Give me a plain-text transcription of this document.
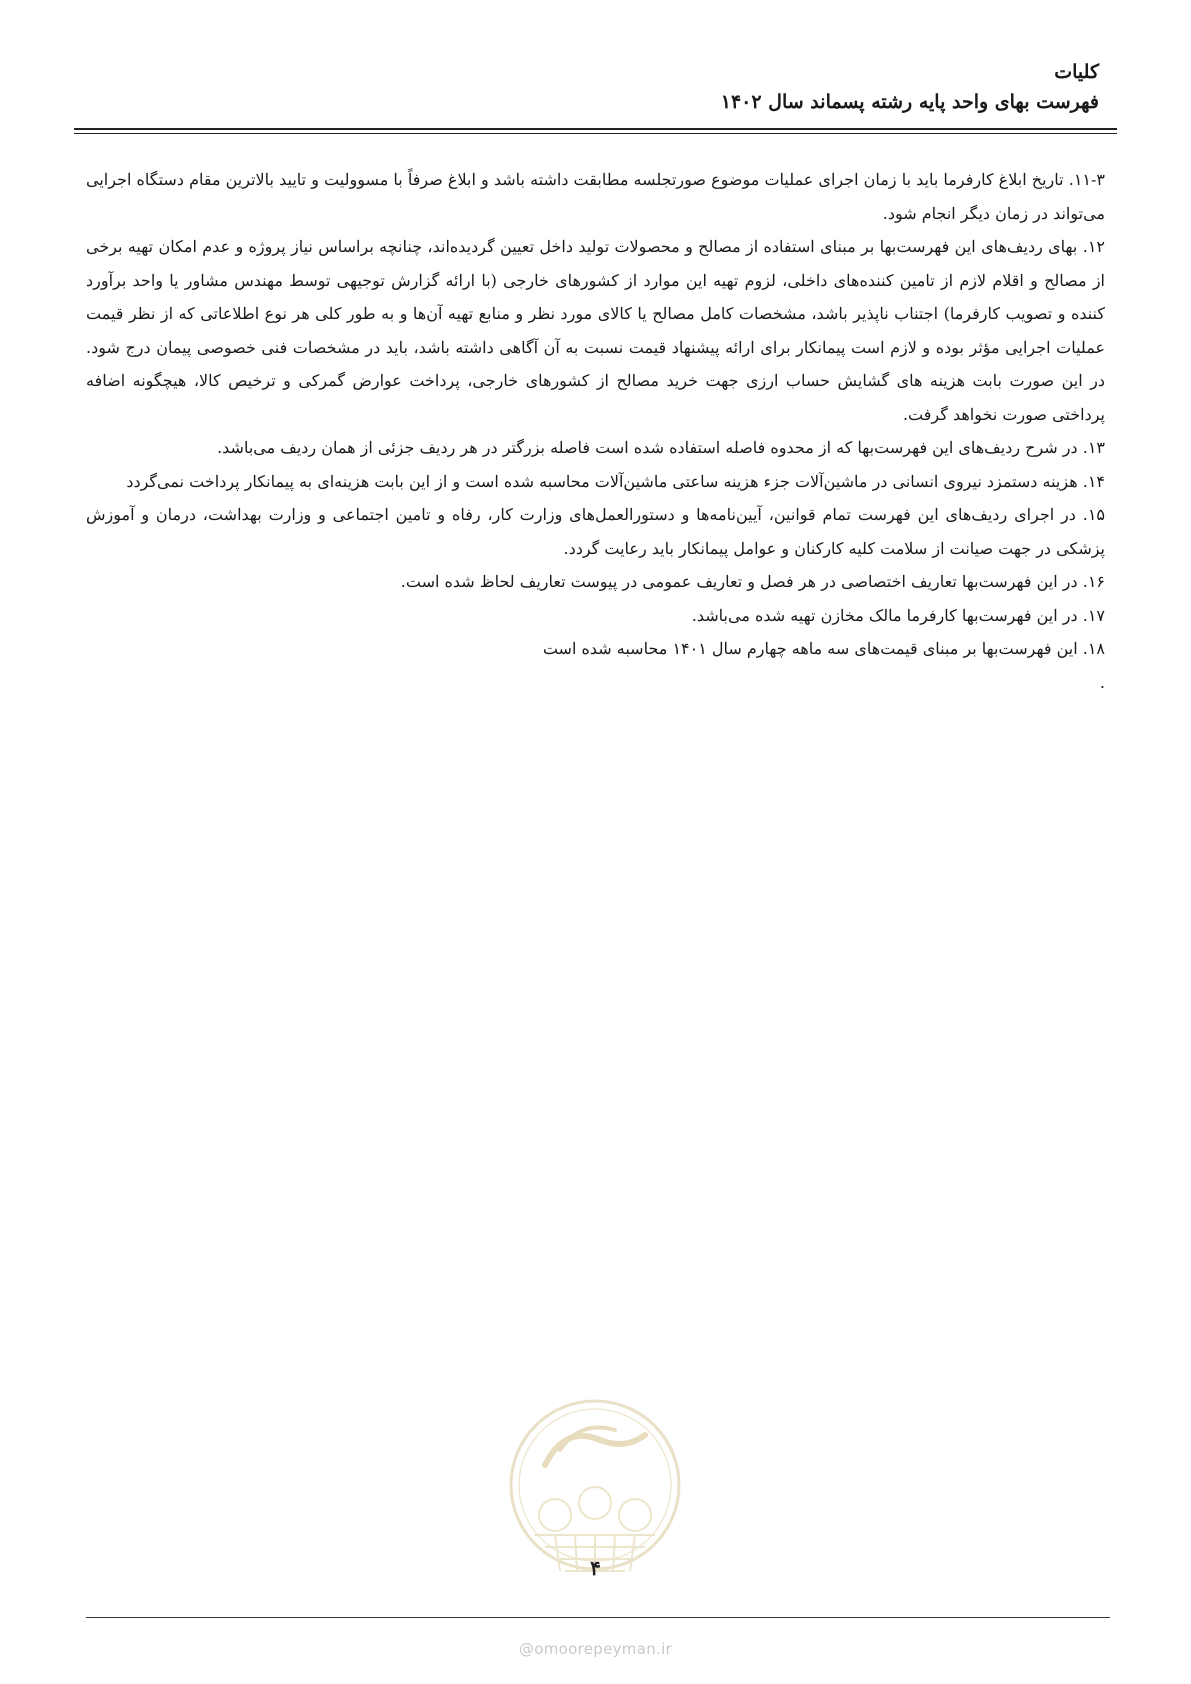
کلیات
فهرست بهای واحد پایه رشته پسماند سال ۱۴۰۲

۱۱-۳. تاریخ ابلاغ کارفرما باید با زمان اجرای عملیات موضوع صورتجلسه مطابقت داشته باشد و ابلاغ صرفاً با مسوولیت و تایید بالاترین مقام دستگاه اجرایی می‌تواند در زمان دیگر انجام شود.

۱۲. بهای ردیف‌های این فهرست‌بها بر مبنای استفاده از مصالح و محصولات تولید داخل تعیین گردیده‌اند، چنانچه براساس نیاز پروژه و عدم امکان تهیه برخی از مصالح و اقلام لازم از تامین کننده‌های داخلی، لزوم تهیه این موارد از کشورهای خارجی (با ارائه گزارش توجیهی توسط مهندس مشاور یا واحد برآورد کننده و تصویب کارفرما) اجتناب ناپذیر باشد، مشخصات کامل مصالح یا کالای مورد نظر و منابع تهیه آن‌ها و به طور کلی هر نوع اطلاعاتی که از نظر قیمت عملیات اجرایی مؤثر بوده و لازم است پیمانکار برای ارائه پیشنهاد قیمت نسبت به آن آگاهی داشته باشد، باید در مشخصات فنی خصوصی پیمان درج شود. در این صورت بابت هزینه های گشایش حساب ارزی جهت خرید مصالح از کشورهای خارجی، پرداخت عوارض گمرکی و ترخیص کالا، هیچگونه اضافه پرداختی صورت نخواهد گرفت.

۱۳. در شرح ردیف‌های این فهرست‌بها که از محدوه فاصله استفاده شده است فاصله بزرگتر در هر ردیف جزئی از همان ردیف می‌باشد.

۱۴. هزینه دستمزد نیروی انسانی در ماشین‌آلات جزء هزینه ساعتی ماشین‌آلات محاسبه شده است و از این بابت هزینه‌ای به پیمانکار پرداخت نمی‌گردد

۱۵. در اجرای ردیف‌های این فهرست تمام قوانین، آیین‌نامه‌ها و دستورالعمل‌های وزارت کار، رفاه و تامین اجتماعی و وزارت بهداشت، درمان و آموزش پزشکی در جهت صیانت از سلامت کلیه کارکنان و عوامل پیمانکار باید رعایت گردد.

۱۶. در این فهرست‌بها تعاریف اختصاصی در هر فصل و تعاریف عمومی در پیوست تعاریف لحاظ شده است.

۱۷. در این فهرست‌بها کارفرما مالک مخازن تهیه شده می‌باشد.

۱۸. این فهرست‌بها بر مبنای قیمت‌های سه ماهه چهارم سال ۱۴۰۱ محاسبه شده است

.

۴
@omoorepeyman.ir
